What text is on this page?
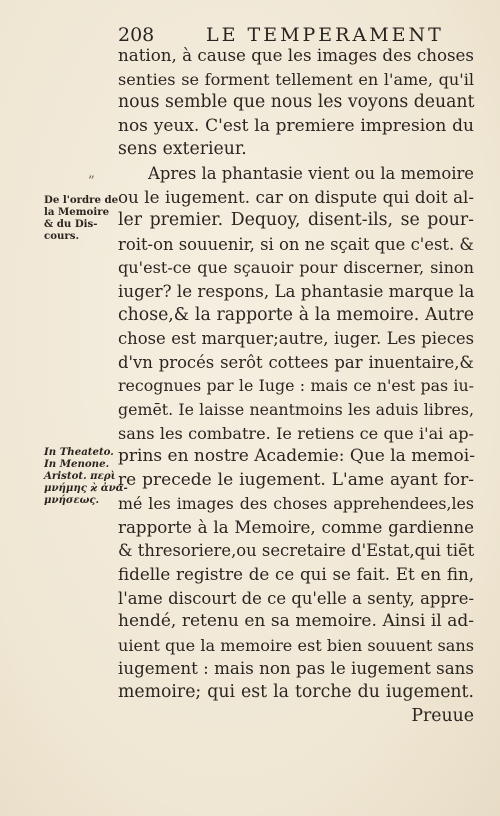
208	LE TEMPERAMENT
”
De l'ordre de
la Memoire
& du Dis-
cours.
In Theateto.
In Menone.
Aristot. περὶ
μνήμης ϰ̀ ἀνα-
μνήσεως.
nation, à cause que les images des choses
senties se forment tellement en l'ame, qu'il
nous semble que nous les voyons deuant
nos yeux. C'est la premiere impresion du
sens exterieur.
Apres la phantasie vient ou la memoire
ou le iugement. car on dispute qui doit al-
ler premier. Dequoy, disent-ils, se pour-
roit-on souuenir, si on ne sçait que c'est. &
qu'est-ce que sçauoir pour discerner, sinon
iuger? le respons, La phantasie marque la
chose,& la rapporte à la memoire. Autre
chose est marquer;autre, iuger. Les pieces
d'vn procés serôt cottees par inuentaire,&
recognues par le Iuge : mais ce n'est pas iu-
gemēt. Ie laisse neantmoins les aduis libres,
sans les combatre. Ie retiens ce que i'ai ap-
prins en nostre Academie: Que la memoi-
re precede le iugement. L'ame ayant for-
mé les images des choses apprehendees,les
rapporte à la Memoire, comme gardienne
& thresoriere,ou secretaire d'Estat,qui tiēt
fidelle registre de ce qui se fait. Et en fin,
l'ame discourt de ce qu'elle a senty, appre-
hendé, retenu en sa memoire. Ainsi il ad-
uient que la memoire est bien souuent sans
iugement : mais non pas le iugement sans
memoire; qui est la torche du iugement.
Preuue
